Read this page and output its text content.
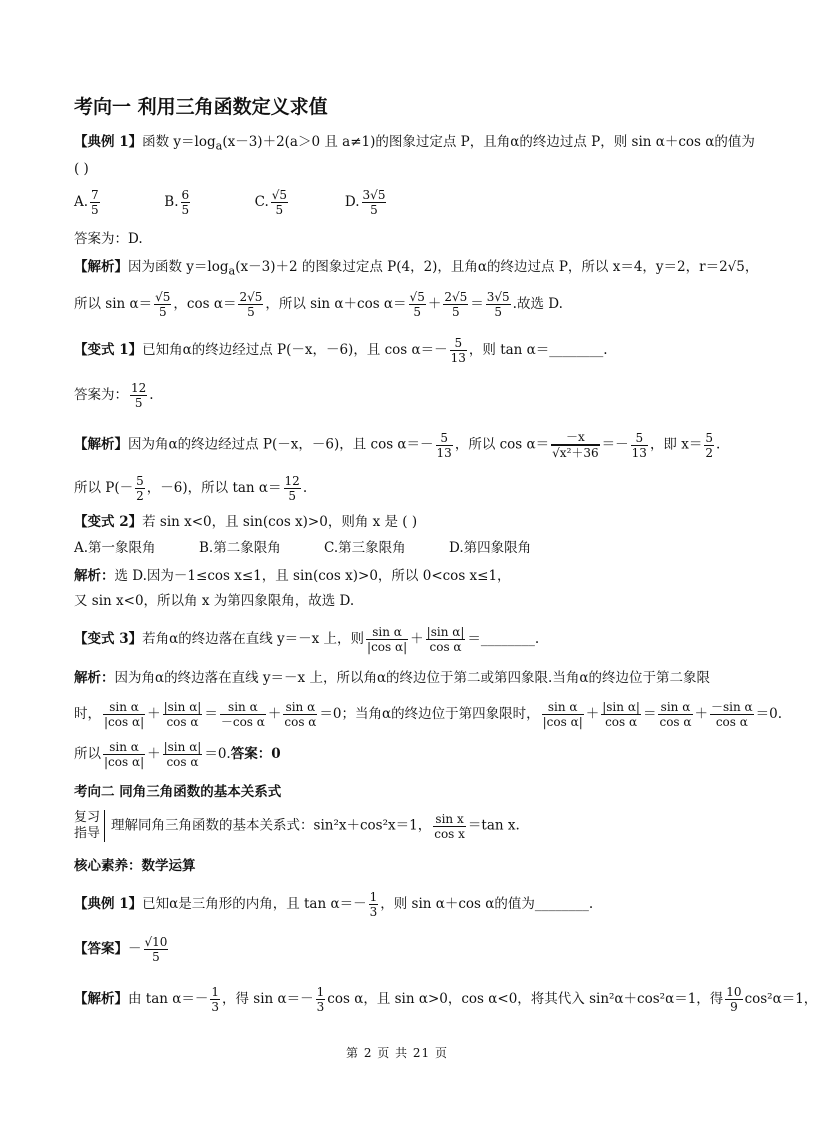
考向一 利用三角函数定义求值
【典例 1】函数 $y=\log_a(x-3)+2(a>0$ 且 a≠1)的图象过定点 P，且角α的终边过点 P，则 sin α＋cos α的值为
( )
A. $\frac{7}{5}$	B. $\frac{6}{5}$	C. $\frac{√5}{5}$	D. $\frac{3√5}{5}$
答案为：D.
【解析】因为函数 $y=\log_a(x-3)+2$ 的图象过定点 P(4，2)，且角α的终边过点 P，所以 x＝4，y＝2，r＝2√5，
所以 $\sin \alpha= \frac{√5}{5}$ ，$\cos \alpha= \frac{2√5}{5}$ ，所以 sin α＋cos $\alpha= \frac{√5}{5} + \frac{2√5}{5} = \frac{3√5}{5}$ .故选 D.
【变式 1】已知角α的终边经过点 P(－x，－6)，且 $\cos \alpha=- \frac{5}{13}$ ，则 tan α＝________.
答案为： $\frac{12}{5}$ .
【解析】因为角α的终边经过点 P(－x，－6)，且 $\cos \alpha=- \frac{5}{13}$ ，所以 $\cos \alpha= \frac{-x}{\text{√x²＋36}} =- \frac{5}{13}$ ，即 $x= \frac{5}{2}$ .
所以 $P(- \frac{5}{2}$ ，－6)，所以 $\tan \alpha= \frac{12}{5}$ .
【变式 2】若 sin x<0，且 sin(cos x)>0，则角 x 是 ( )
A.第一象限角	B.第二象限角	C.第三象限角	D.第四象限角
解析：选 D.因为－1≤cos x≤1，且 sin(cos x)>0，所以 0<cos x≤1，
又 sin x<0，所以角 x 为第四象限角，故选 D.
【变式 3】若角α的终边落在直线 y＝－x 上，则 $\frac{\text{sin α}}{\text{|cos α|}} + \frac{\text{|sin α|}}{\text{cos α}}$ ＝________.
解析：因为角α的终边落在直线 y＝－x 上，所以角α的终边位于第二或第四象限.当角α的终边位于第二象限
时， $\frac{\text{sin α}}{\text{|cos α|}} + \frac{\text{|sin α|}}{\text{cos α}} = \frac{\text{sin α}}{\text{－cos α}} + \frac{\text{sin α}}{\text{cos α}} =0$；当角α的终边位于第四象限时， $\frac{\text{sin α}}{\text{|cos α|}} + \frac{\text{|sin α|}}{\text{cos α}} = \frac{\text{sin α}}{\text{cos α}} + \frac{\text{－sin α}}{\text{cos α}} =0$.
所以 $\frac{\text{sin α}}{\text{|cos α|}} + \frac{\text{|sin α|}}{\text{cos α}} =0$.答案：0
考向二 同角三角函数的基本关系式
复习
指导 理解同角三角函数的基本关系式：sin²x＋cos²x＝1， $\frac{\text{sin x}}{\text{cos x}} =\tan$ x.
核心素养：数学运算
【典例 1】已知α是三角形的内角，且 $\tan \alpha=- \frac{1}{3}$ ，则 sin α＋cos α的值为________.
【答案】－ $\frac{√10}{5}$
【解析】由 $\tan \alpha=- \frac{1}{3}$ ，得 $\sin \alpha=- \frac{1}{3}$ cos α，且 sin α>0，cos α<0，将其代入 sin²α＋cos²α＝1，得 $\frac{10}{9} \cos^2\alpha=1$，
第 2 页 共 21 页
